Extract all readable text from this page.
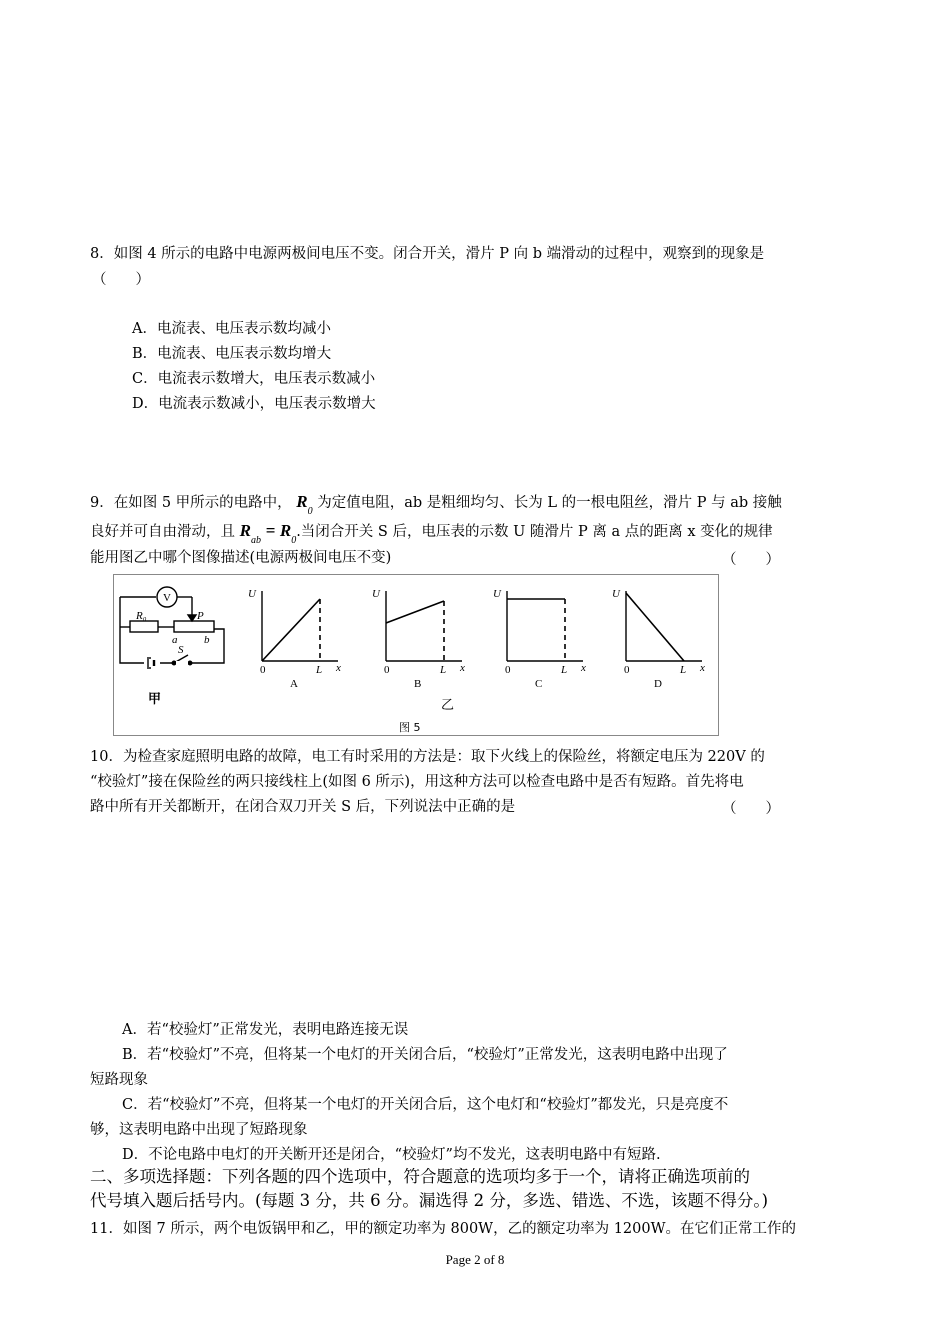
8．如图 4 所示的电路中电源两极间电压不变。闭合开关，滑片 P 向 b 端滑动的过程中，观察到的现象是

（　　）

A．电流表、电压表示数均减小

B．电流表、电压表示数均增大

C．电流表示数增大，电压表示数减小

D．电流表示数减小，电压表示数增大

9．在如图 5 甲所示的电路中， $R_0$ 为定值电阻，ab 是粗细均匀、长为 L 的一根电阻丝，滑片 P 与 ab 接触

良好并可自由滑动，且 $R_{ab} = R_0$.当闭合开关 S 后，电压表的示数 U 随滑片 P 离 a 点的距离 x 变化的规律

能用图乙中哪个图像描述(电源两极间电压不变)	（　　）
V
R₀	P
a b
S
甲
U
x
0	L
A
U
x
0	L
B
U
x
0	L
C
U
x
0	L
D
乙
图 5

10．为检查家庭照明电路的故障，电工有时采用的方法是：取下火线上的保险丝，将额定电压为 220V 的

“校验灯”接在保险丝的两只接线柱上(如图 6 所示)，用这种方法可以检查电路中是否有短路。首先将电

路中所有开关都断开，在闭合双刀开关 S 后，下列说法中正确的是	（　　）

A．若“校验灯”正常发光，表明电路连接无误

B．若“校验灯”不亮，但将某一个电灯的开关闭合后，“校验灯”正常发光，这表明电路中出现了

短路现象

C．若“校验灯”不亮，但将某一个电灯的开关闭合后，这个电灯和“校验灯”都发光，只是亮度不

够，这表明电路中出现了短路现象

D．不论电路中电灯的开关断开还是闭合，“校验灯”均不发光，这表明电路中有短路.

二、多项选择题：下列各题的四个选项中，符合题意的选项均多于一个，请将正确选项前的

代号填入题后括号内。(每题 3 分，共 6 分。漏选得 2 分，多选、错选、不选，该题不得分。)

11．如图 7 所示，两个电饭锅甲和乙，甲的额定功率为 800W，乙的额定功率为 1200W。在它们正常工作的

Page 2 of 8
